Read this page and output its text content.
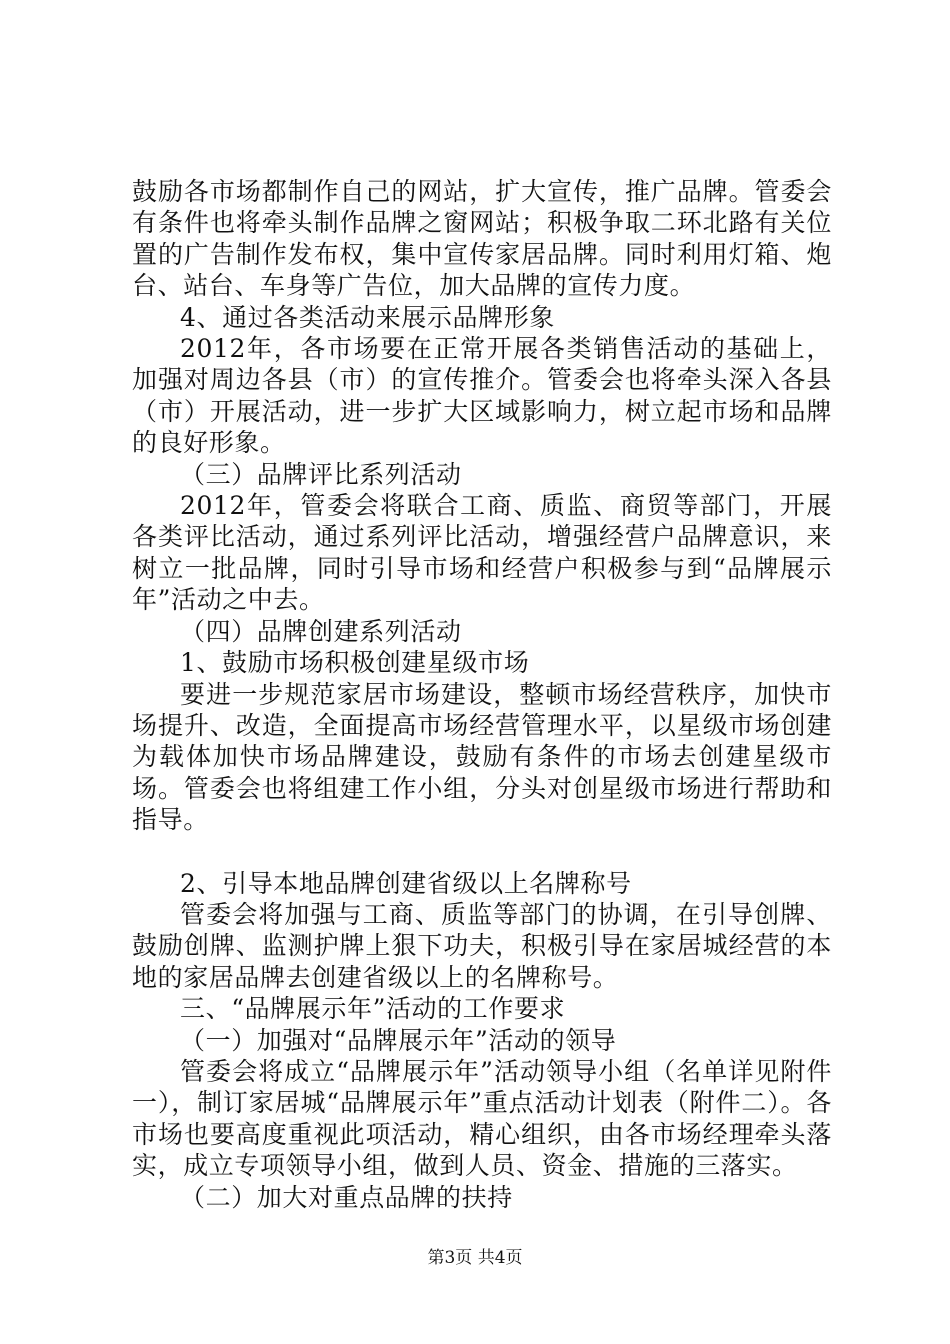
鼓励各市场都制作自己的网站，扩大宣传，推广品牌。管委会有条件也将牵头制作品牌之窗网站；积极争取二环北路有关位置的广告制作发布权，集中宣传家居品牌。同时利用灯箱、炮台、站台、车身等广告位，加大品牌的宣传力度。

4、通过各类活动来展示品牌形象

2012年，各市场要在正常开展各类销售活动的基础上，加强对周边各县（市）的宣传推介。管委会也将牵头深入各县（市）开展活动，进一步扩大区域影响力，树立起市场和品牌的良好形象。

（三）品牌评比系列活动

2012年，管委会将联合工商、质监、商贸等部门，开展各类评比活动，通过系列评比活动，增强经营户品牌意识，来树立一批品牌，同时引导市场和经营户积极参与到“品牌展示年”活动之中去。

（四）品牌创建系列活动

1、鼓励市场积极创建星级市场

要进一步规范家居市场建设，整顿市场经营秩序，加快市场提升、改造，全面提高市场经营管理水平，以星级市场创建为载体加快市场品牌建设，鼓励有条件的市场去创建星级市场。管委会也将组建工作小组，分头对创星级市场进行帮助和指导。

2、引导本地品牌创建省级以上名牌称号

管委会将加强与工商、质监等部门的协调，在引导创牌、鼓励创牌、监测护牌上狠下功夫，积极引导在家居城经营的本地的家居品牌去创建省级以上的名牌称号。

三、“品牌展示年”活动的工作要求

（一）加强对“品牌展示年”活动的领导

管委会将成立“品牌展示年”活动领导小组（名单详见附件一），制订家居城“品牌展示年”重点活动计划表（附件二）。各市场也要高度重视此项活动，精心组织，由各市场经理牵头落实，成立专项领导小组，做到人员、资金、措施的三落实。

（二）加大对重点品牌的扶持

第3页 共4页
